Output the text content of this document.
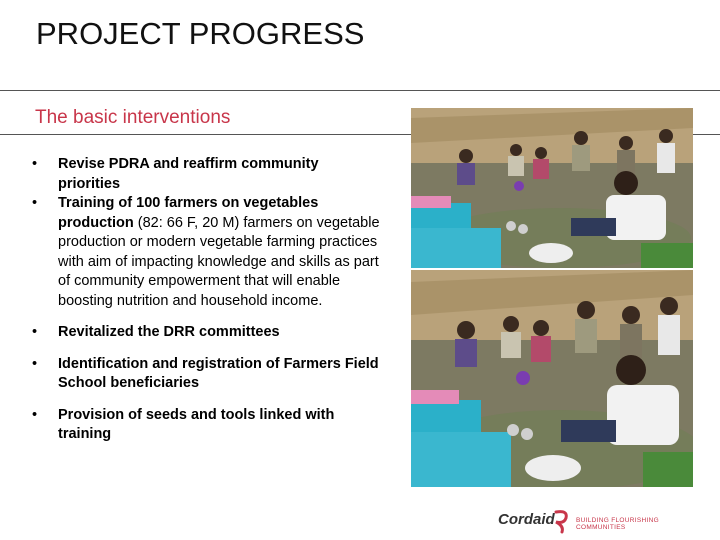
PROJECT PROGRESS
The basic interventions
• Revise PDRA and reaffirm community priorities
• Training of 100 farmers on vegetables production (82: 66 F, 20 M) farmers on vegetable production or modern vegetable farming practices with aim of impacting knowledge and skills as part of community empowerment that will enable boosting nutrition and household income.
• Revitalized the DRR committees
• Identification and registration of Farmers Field School beneficiaries
• Provision of seeds and tools linked with training
Cordaid	BUILDING FLOURISHING COMMUNITIES
